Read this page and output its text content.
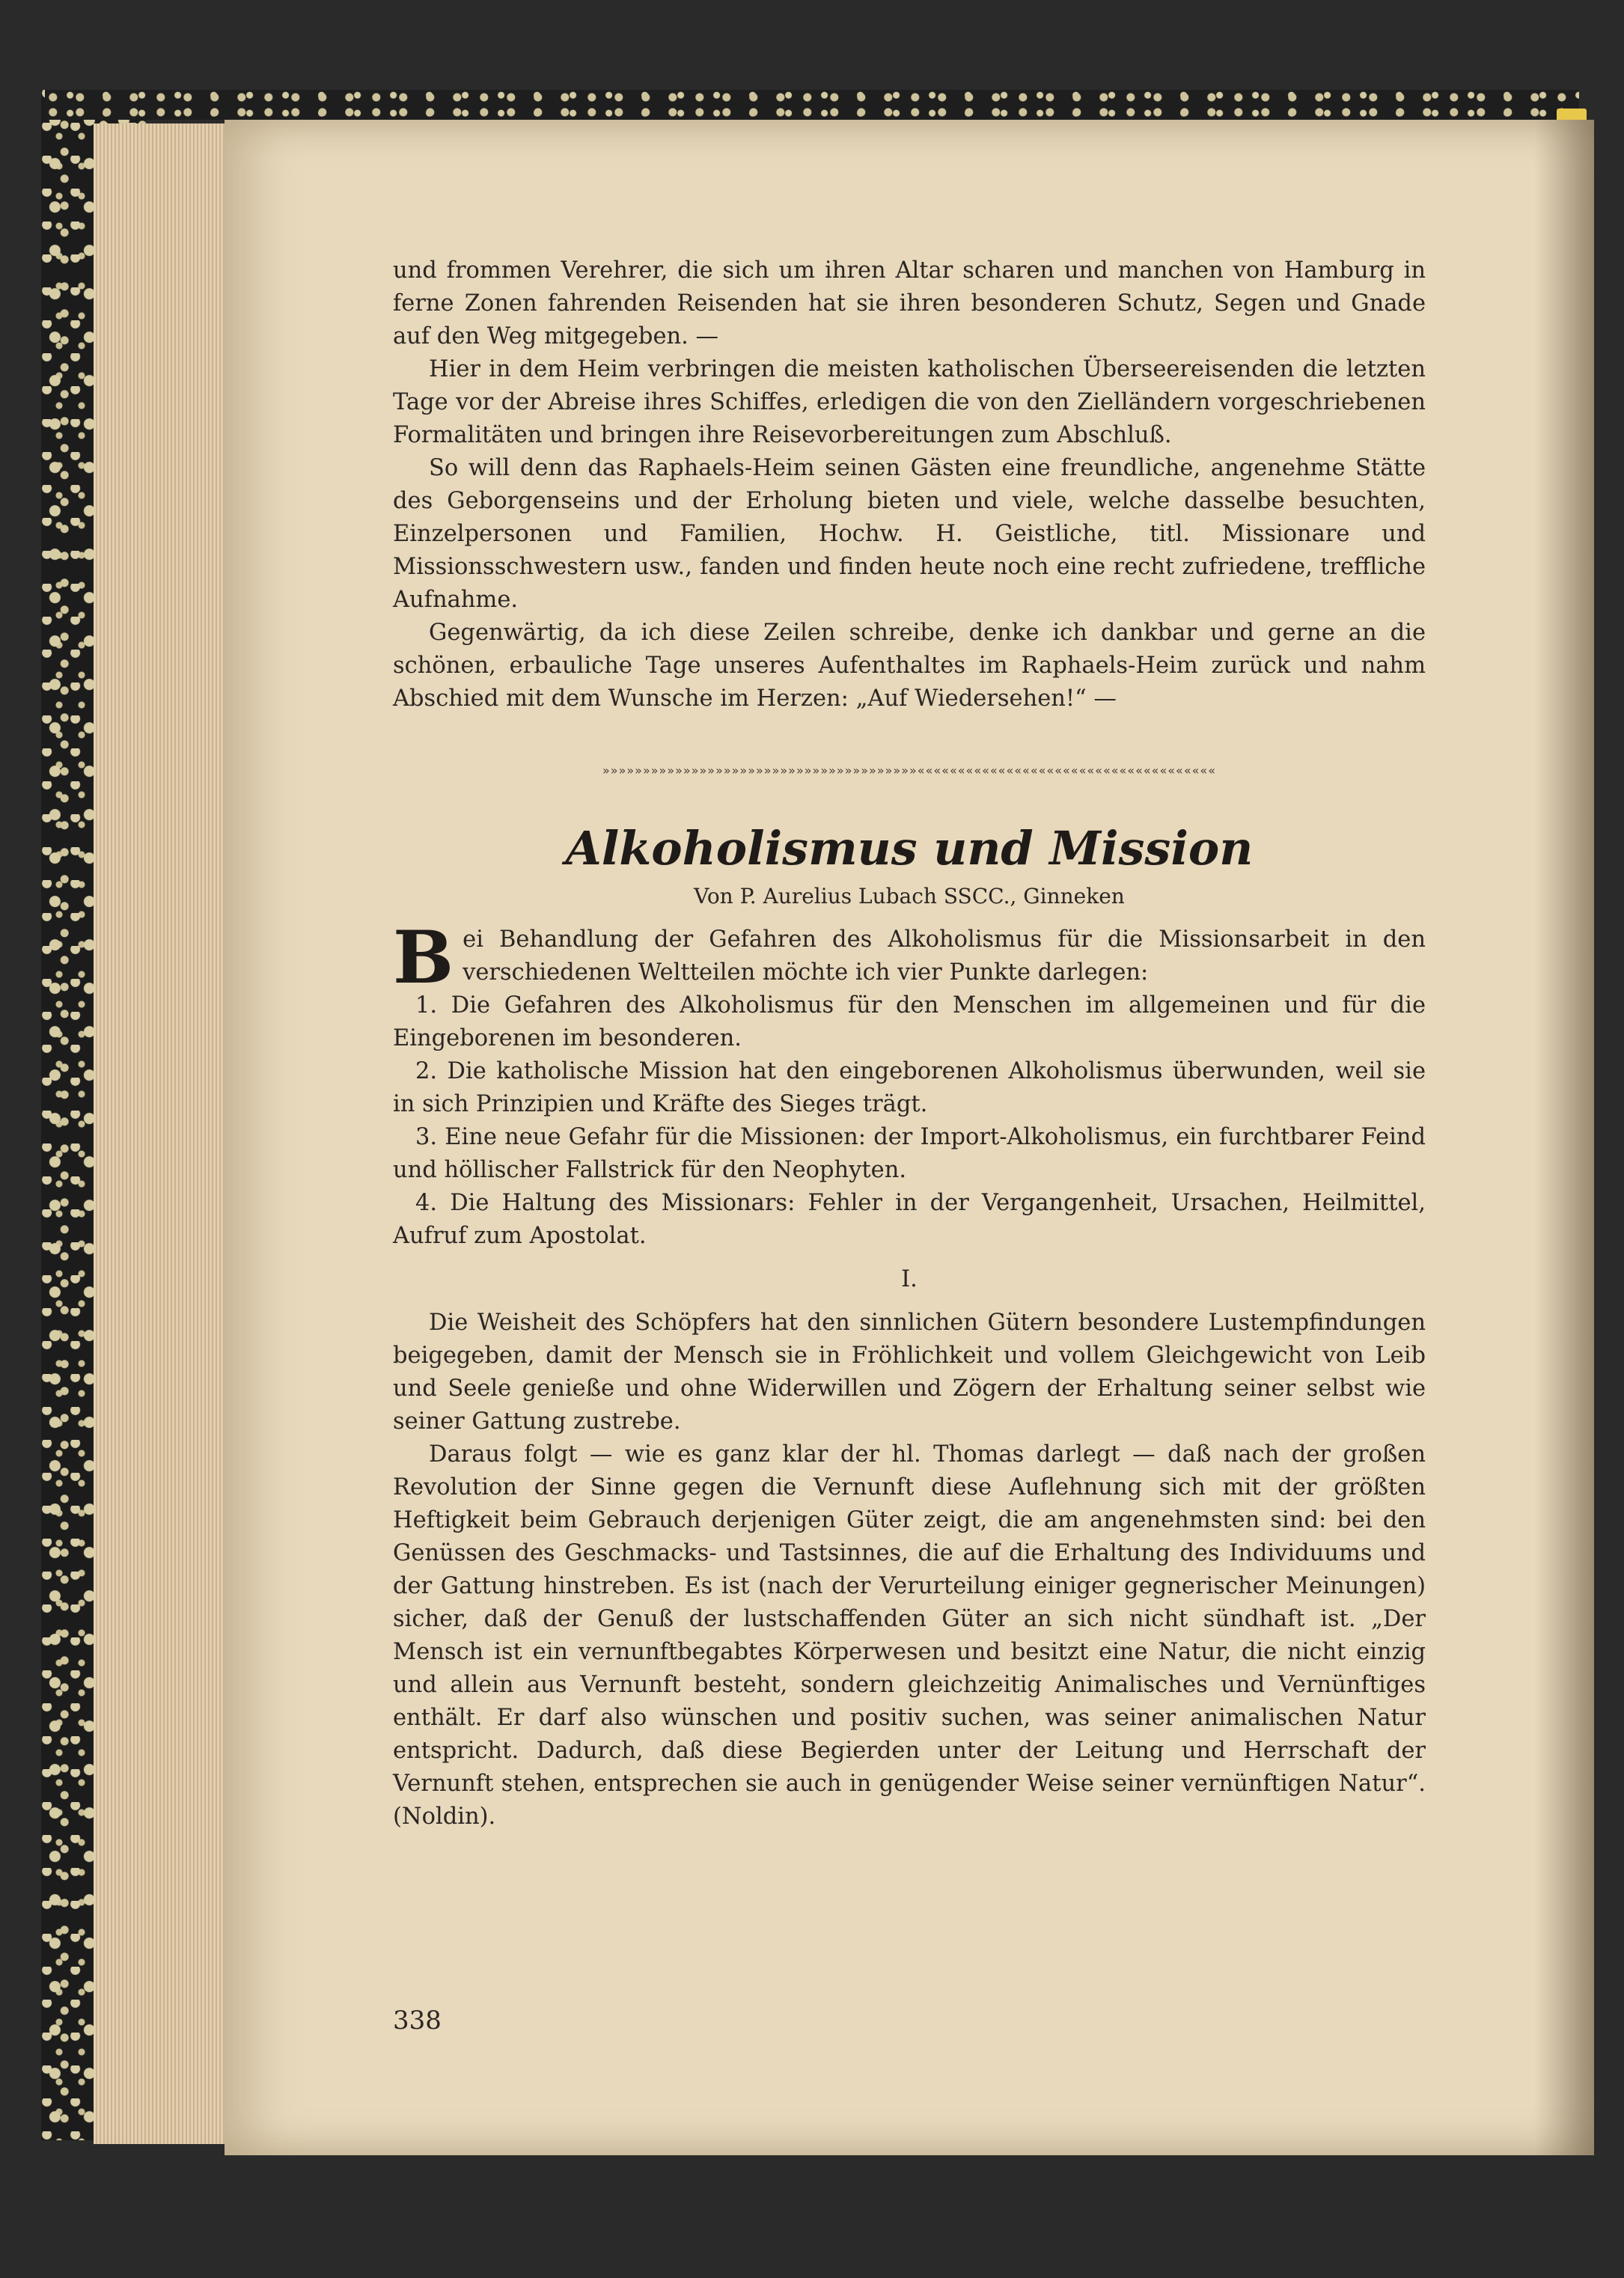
und frommen Verehrer, die sich um ihren Altar scharen und manchen von Hamburg in ferne Zonen fahrenden Reisenden hat sie ihren besonderen Schutz, Segen und Gnade auf den Weg mitgegeben. —

Hier in dem Heim verbringen die meisten katholischen Überseereisenden die letzten Tage vor der Abreise ihres Schiffes, erledigen die von den Zielländern vorgeschriebenen Formalitäten und bringen ihre Reisevorbereitungen zum Abschluß.

So will denn das Raphaels-Heim seinen Gästen eine freundliche, angenehme Stätte des Geborgenseins und der Erholung bieten und viele, welche dasselbe besuchten, Einzelpersonen und Familien, Hochw. H. Geistliche, titl. Missionare und Missionsschwestern usw., fanden und finden heute noch eine recht zufriedene, treffliche Aufnahme.

Gegenwärtig, da ich diese Zeilen schreibe, denke ich dankbar und gerne an die schönen, erbauliche Tage unseres Aufenthaltes im Raphaels-Heim zurück und nahm Abschied mit dem Wunsche im Herzen: „Auf Wiedersehen!“ —

»»»»»»»»»»»»»»»»»»»»»»»»»»»»»»»»»»»»»»»«««««««««««««««««««««««««««««««««««««
Alkoholismus und Mission
Von P. Aurelius Lubach SSCC., Ginneken

Bei Behandlung der Gefahren des Alkoholismus für die Missionsarbeit in den verschiedenen Weltteilen möchte ich vier Punkte darlegen:

1. Die Gefahren des Alkoholismus für den Menschen im allgemeinen und für die Eingeborenen im besonderen.

2. Die katholische Mission hat den eingeborenen Alkoholismus überwunden, weil sie in sich Prinzipien und Kräfte des Sieges trägt.

3. Eine neue Gefahr für die Missionen: der Import-Alkoholismus, ein furchtbarer Feind und höllischer Fallstrick für den Neophyten.

4. Die Haltung des Missionars: Fehler in der Vergangenheit, Ursachen, Heilmittel, Aufruf zum Apostolat.

I.

Die Weisheit des Schöpfers hat den sinnlichen Gütern besondere Lustempfindungen beigegeben, damit der Mensch sie in Fröhlichkeit und vollem Gleichgewicht von Leib und Seele genieße und ohne Widerwillen und Zögern der Erhaltung seiner selbst wie seiner Gattung zustrebe.

Daraus folgt — wie es ganz klar der hl. Thomas darlegt — daß nach der großen Revolution der Sinne gegen die Vernunft diese Auflehnung sich mit der größten Heftigkeit beim Gebrauch derjenigen Güter zeigt, die am angenehmsten sind: bei den Genüssen des Geschmacks- und Tastsinnes, die auf die Erhaltung des Individuums und der Gattung hinstreben. Es ist (nach der Verurteilung einiger gegnerischer Meinungen) sicher, daß der Genuß der lustschaffenden Güter an sich nicht sündhaft ist. „Der Mensch ist ein vernunftbegabtes Körperwesen und besitzt eine Natur, die nicht einzig und allein aus Vernunft besteht, sondern gleichzeitig Animalisches und Vernünftiges enthält. Er darf also wünschen und positiv suchen, was seiner animalischen Natur entspricht. Dadurch, daß diese Begierden unter der Leitung und Herrschaft der Vernunft stehen, entsprechen sie auch in genügender Weise seiner vernünftigen Natur“. (Noldin).

338
